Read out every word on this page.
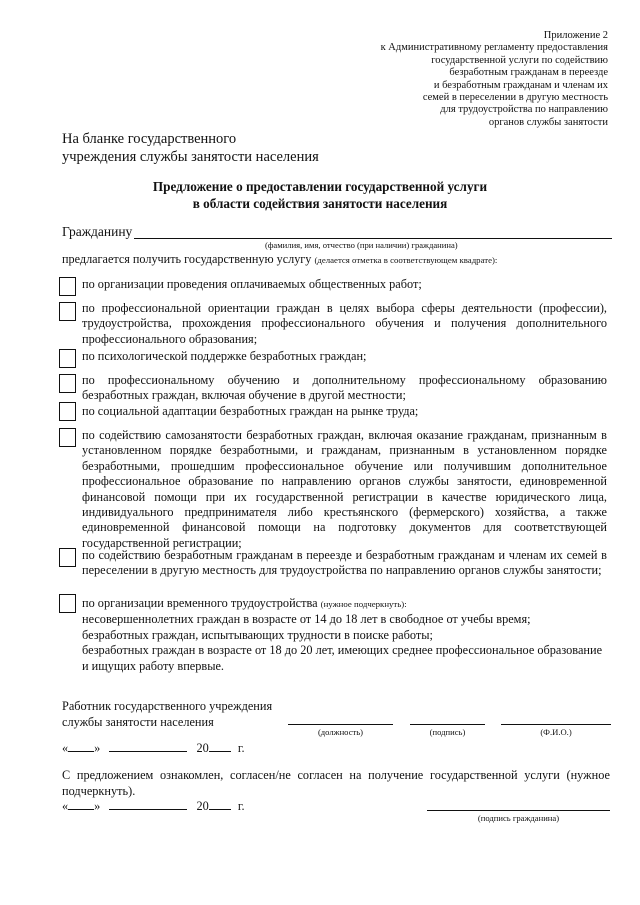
Приложение 2
к Административному регламенту предоставления
государственной услуги по содействию
безработным гражданам в переезде
и безработным гражданам и членам их
семей в переселении в другую местность
для трудоустройства по направлению
органов службы занятости
На бланке государственного
учреждения службы занятости населения
Предложение о предоставлении государственной услуги
в области содействия занятости населения
Гражданину
(фамилия, имя, отчество (при наличии) гражданина)
предлагается получить государственную услугу (делается отметка в соответствующем квадрате):
по организации проведения оплачиваемых общественных работ;
по профессиональной ориентации граждан в целях выбора сферы деятельности (профессии), трудоустройства, прохождения профессионального обучения и получения дополнительного профессионального образования;
по психологической поддержке безработных граждан;
по профессиональному обучению и дополнительному профессиональному образованию безработных граждан, включая обучение в другой местности;
по социальной адаптации безработных граждан на рынке труда;
по содействию самозанятости безработных граждан, включая оказание гражданам, признанным в установленном порядке безработными, и гражданам, признанным в установленном порядке безработными, прошедшим профессиональное обучение или получившим дополнительное профессиональное образование по направлению органов службы занятости, единовременной финансовой помощи при их государственной регистрации в качестве юридического лица, индивидуального предпринимателя либо крестьянского (фермерского) хозяйства, а также единовременной финансовой помощи на подготовку документов для соответствующей государственной регистрации;
по содействию безработным гражданам в переезде и безработным гражданам и членам их семей в переселении в другую местность для трудоустройства по направлению органов службы занятости;
по организации временного трудоустройства (нужное подчеркнуть):
несовершеннолетних граждан в возрасте от 14 до 18 лет в свободное от учебы время;
безработных граждан, испытывающих трудности в поиске работы;
безработных граждан в возрасте от 18 до 20 лет, имеющих среднее профессиональное образование и ищущих работу впервые.
Работник государственного учреждения
службы занятости населения
(должность)	(подпись)	(Ф.И.О.)
« »	20 г.
С предложением ознакомлен, согласен/не согласен на получение государственной услуги (нужное подчеркнуть).
« »	20 г.
(подпись гражданина)
